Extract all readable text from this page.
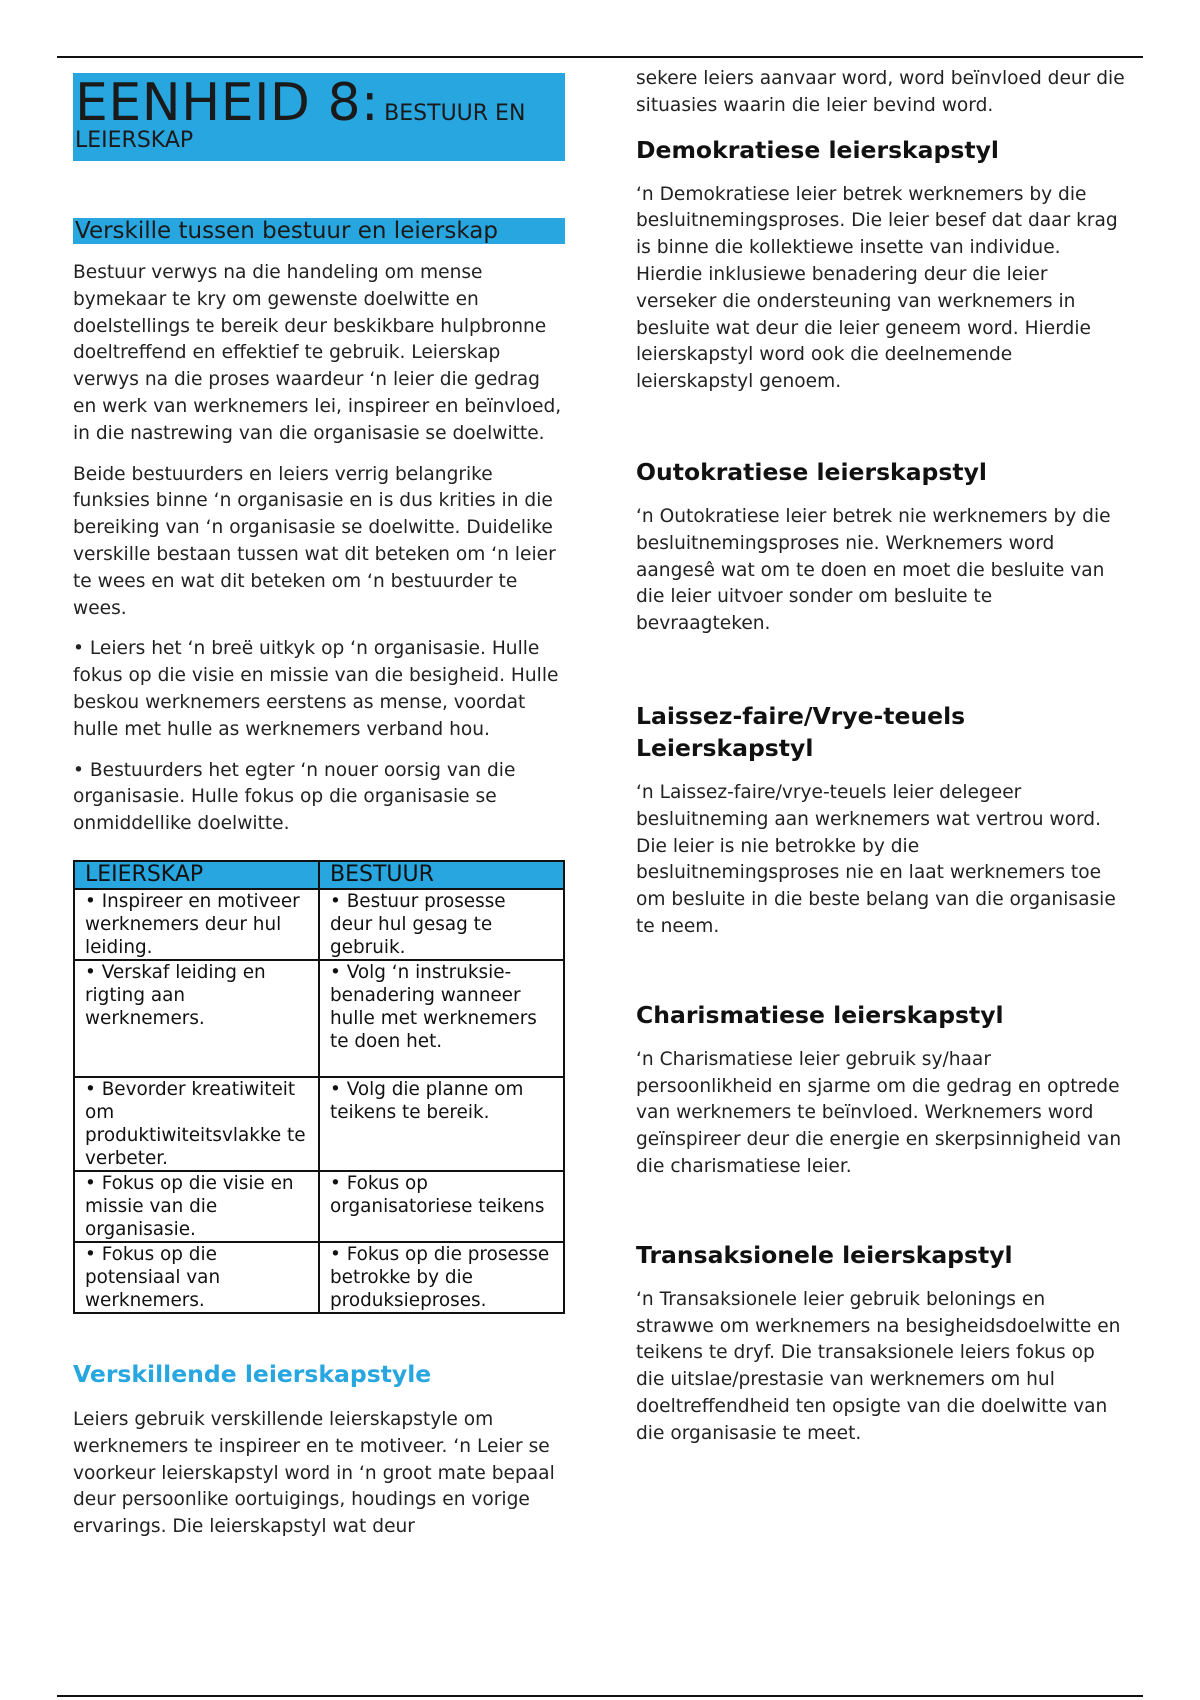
EENHEID 8: BESTUUR EN
LEIERSKAP
Verskille tussen bestuur en leierskap

Bestuur verwys na die handeling om mense bymekaar te kry om gewenste doelwitte en doelstellings te bereik deur beskikbare hulpbronne doeltreffend en effektief te gebruik. Leierskap verwys na die proses waardeur ‘n leier die gedrag en werk van werknemers lei, inspireer en beïnvloed, in die nastrewing van die organisasie se doelwitte.

Beide bestuurders en leiers verrig belangrike funksies binne ‘n organisasie en is dus krities in die bereiking van ‘n organisasie se doelwitte. Duidelike verskille bestaan tussen wat dit beteken om ‘n leier te wees en wat dit beteken om ‘n bestuurder te wees.

• Leiers het ‘n breë uitkyk op ‘n organisasie. Hulle fokus op die visie en missie van die besigheid. Hulle beskou werknemers eerstens as mense, voordat hulle met hulle as werknemers verband hou.

• Bestuurders het egter ‘n nouer oorsig van die organisasie. Hulle fokus op die organisasie se onmiddellike doelwitte.

LEIERSKAP	BESTUUR
• Inspireer en motiveer werknemers deur hul leiding.	• Bestuur prosesse deur hul gesag te gebruik.
• Verskaf leiding en rigting aan werknemers.	• Volg ‘n instruksie-benadering wanneer hulle met werknemers te doen het.
• Bevorder kreatiwiteit om produktiwiteitsvlakke te verbeter.	• Volg die planne om teikens te bereik.
• Fokus op die visie en missie van die organisasie.	• Fokus op organisatoriese teikens
• Fokus op die potensiaal van werknemers.	• Fokus op die prosesse betrokke by die produksieproses.
Verskillende leierskapstyle

Leiers gebruik verskillende leierskapstyle om werknemers te inspireer en te motiveer. ‘n Leier se voorkeur leierskapstyl word in ‘n groot mate bepaal deur persoonlike oortuigings, houdings en vorige ervarings. Die leierskapstyl wat deur

sekere leiers aanvaar word, word beïnvloed deur die situasies waarin die leier bevind word.

Demokratiese leierskapstyl

‘n Demokratiese leier betrek werknemers by die besluitnemingsproses. Die leier besef dat daar krag is binne die kollektiewe insette van individue. Hierdie inklusiewe benadering deur die leier verseker die ondersteuning van werknemers in besluite wat deur die leier geneem word. Hierdie leierskapstyl word ook die deelnemende leierskapstyl genoem.

Outokratiese leierskapstyl

‘n Outokratiese leier betrek nie werknemers by die besluitnemingsproses nie. Werknemers word aangesê wat om te doen en moet die besluite van die leier uitvoer sonder om besluite te bevraagteken.

Laissez-faire/Vrye-teuels Leierskapstyl

‘n Laissez-faire/vrye-teuels leier delegeer besluitneming aan werknemers wat vertrou word. Die leier is nie betrokke by die besluitnemingsproses nie en laat werknemers toe om besluite in die beste belang van die organisasie te neem.

Charismatiese leierskapstyl

‘n Charismatiese leier gebruik sy/haar persoonlikheid en sjarme om die gedrag en optrede van werknemers te beïnvloed. Werknemers word geïnspireer deur die energie en skerpsinnigheid van die charismatiese leier.

Transaksionele leierskapstyl

‘n Transaksionele leier gebruik belonings en strawwe om werknemers na besigheidsdoelwitte en teikens te dryf. Die transaksionele leiers fokus op die uitslae/prestasie van werknemers om hul doeltreffendheid ten opsigte van die doelwitte van die organisasie te meet.
